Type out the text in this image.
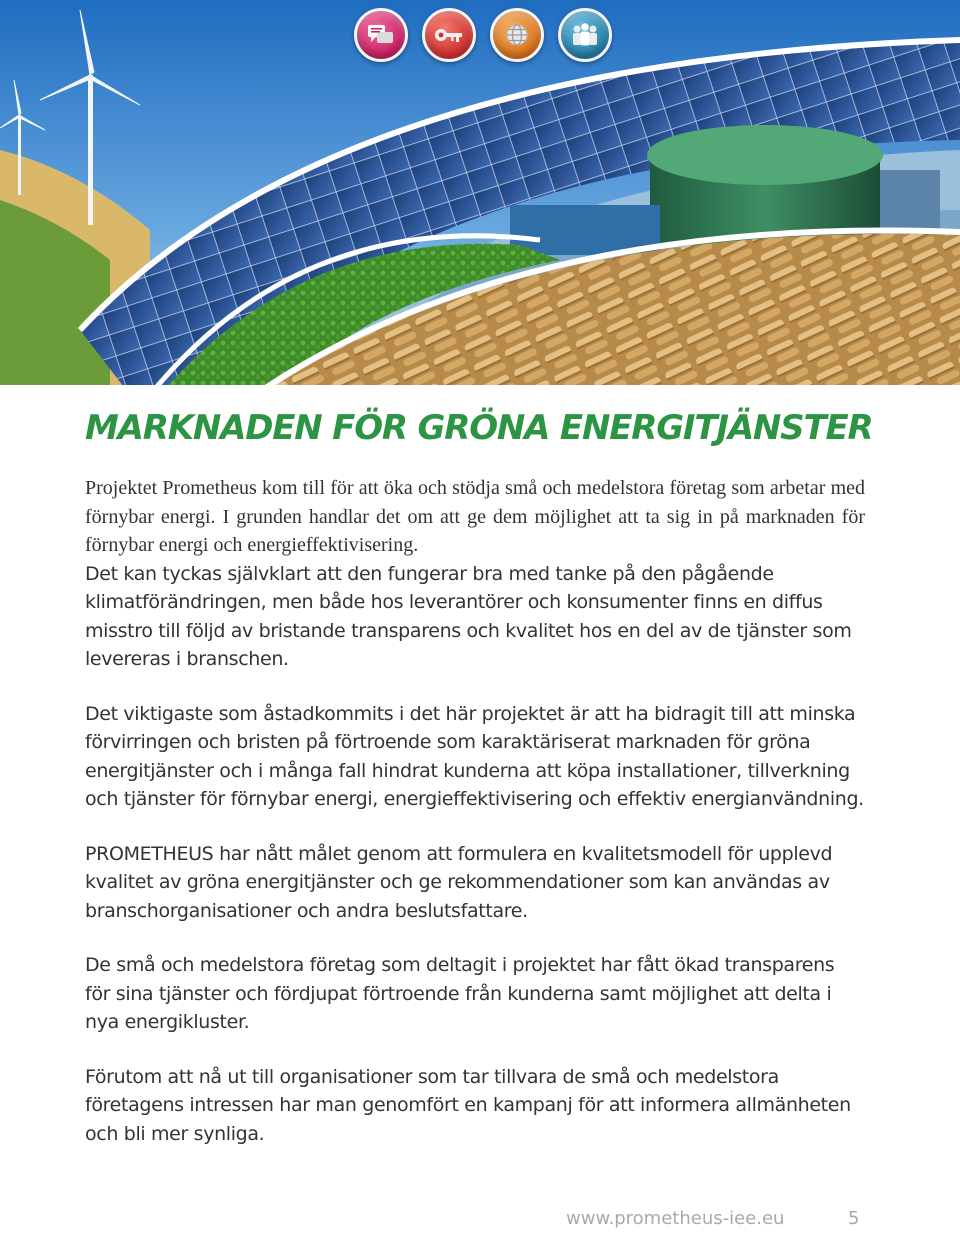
MARKNADEN FÖR GRÖNA ENERGITJÄNSTER

Projektet Prometheus kom till för att öka och stödja små och medelstora företag som arbetar med förnybar energi. I grunden handlar det om att ge dem möjlighet att ta sig in på marknaden för förnybar energi och energieffektivisering.

Det kan tyckas självklart att den fungerar bra med tanke på den pågående klimatförändringen, men både hos leverantörer och konsumenter finns en diffus misstro till följd av bristande transparens och kvalitet hos en del av de tjänster som levereras i branschen.

Det viktigaste som åstadkommits i det här projektet är att ha bidragit till att minska förvirringen och bristen på förtroende som karaktäriserat marknaden för gröna energitjänster och i många fall hindrat kunderna att köpa installationer, tillverkning och tjänster för förnybar energi, energieffektivisering och effektiv energianvändning.

PROMETHEUS har nått målet genom att formulera en kvalitetsmodell för upplevd kvalitet av gröna energitjänster och ge rekommendationer som kan användas av branschorganisationer och andra beslutsfattare.

De små och medelstora företag som deltagit i projektet har fått ökad transparens för sina tjänster och fördjupat förtroende från kunderna samt möjlighet att delta i nya energikluster.

Förutom att nå ut till organisationer som tar tillvara de små och medelstora företagens intressen har man genomfört en kampanj för att informera allmänheten och bli mer synliga.

www.prometheus-iee.eu	5
